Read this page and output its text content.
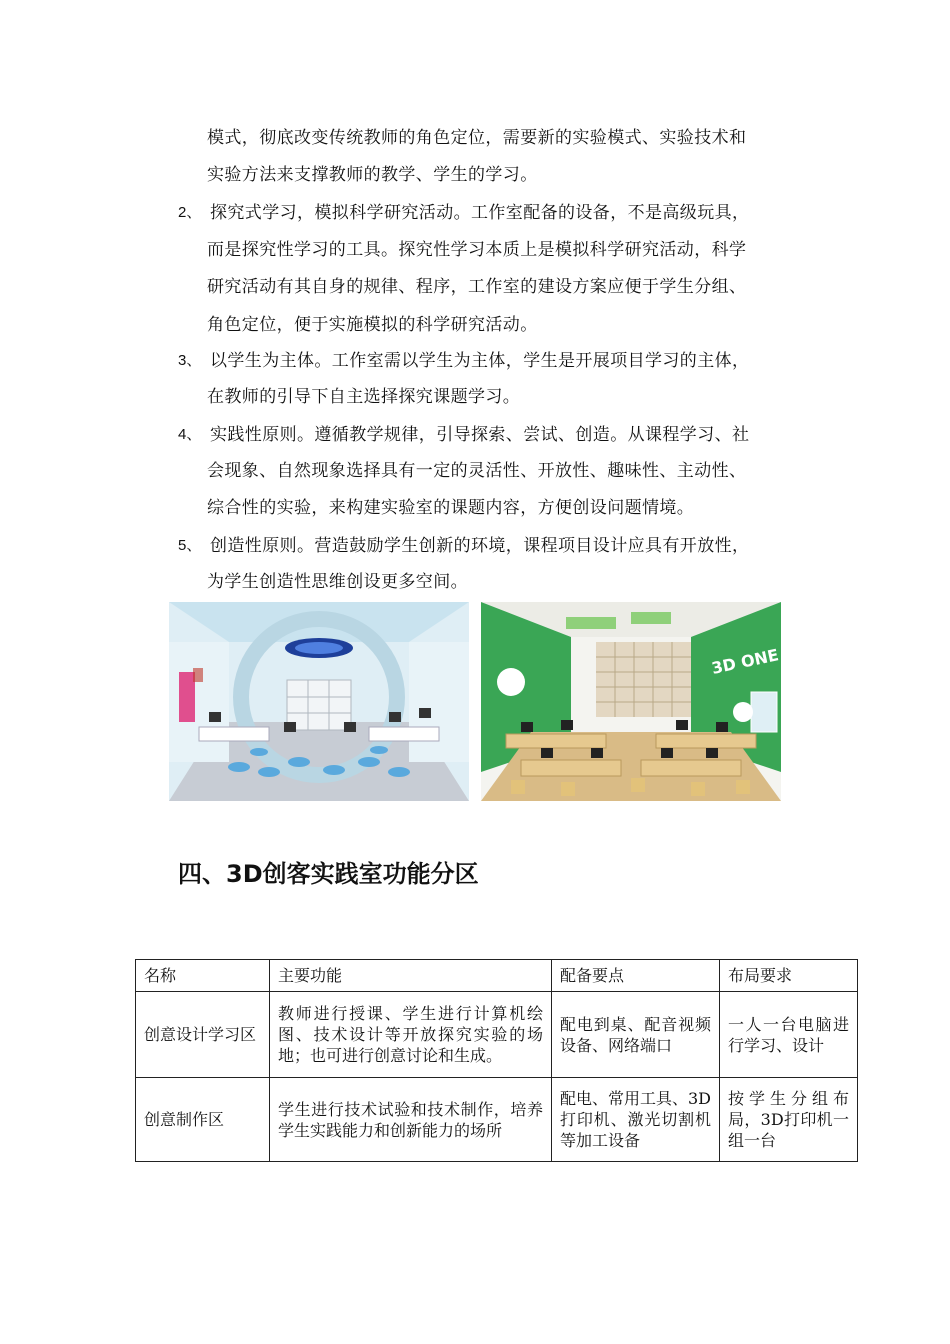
模式，彻底改变传统教师的角色定位，需要新的实验模式、实验技术和
实验方法来支撑教师的教学、学生的学习。
2、 探究式学习，模拟科学研究活动。工作室配备的设备，不是高级玩具，
而是探究性学习的工具。探究性学习本质上是模拟科学研究活动，科学
研究活动有其自身的规律、程序，工作室的建设方案应便于学生分组、
角色定位，便于实施模拟的科学研究活动。
3、 以学生为主体。工作室需以学生为主体，学生是开展项目学习的主体，
在教师的引导下自主选择探究课题学习。
4、 实践性原则。遵循教学规律，引导探索、尝试、创造。从课程学习、社
会现象、自然现象选择具有一定的灵活性、开放性、趣味性、主动性、
综合性的实验，来构建实验室的课题内容，方便创设问题情境。
5、 创造性原则。营造鼓励学生创新的环境，课程项目设计应具有开放性，
为学生创造性思维创设更多空间。
3D ONE
四、3D创客实践室功能分区
名称	主要功能	配备要点	布局要求
创意设计学习区	教师进行授课、学生进行计算机绘图、技术设计等开放探究实验的场地；也可进行创意讨论和生成。	配电到桌、配音视频设备、网络端口	一人一台电脑进行学习、设计
创意制作区	学生进行技术试验和技术制作，培养学生实践能力和创新能力的场所	配电、常用工具、3D打印机、激光切割机等加工设备	按学生分组布局，3D打印机一组一台
